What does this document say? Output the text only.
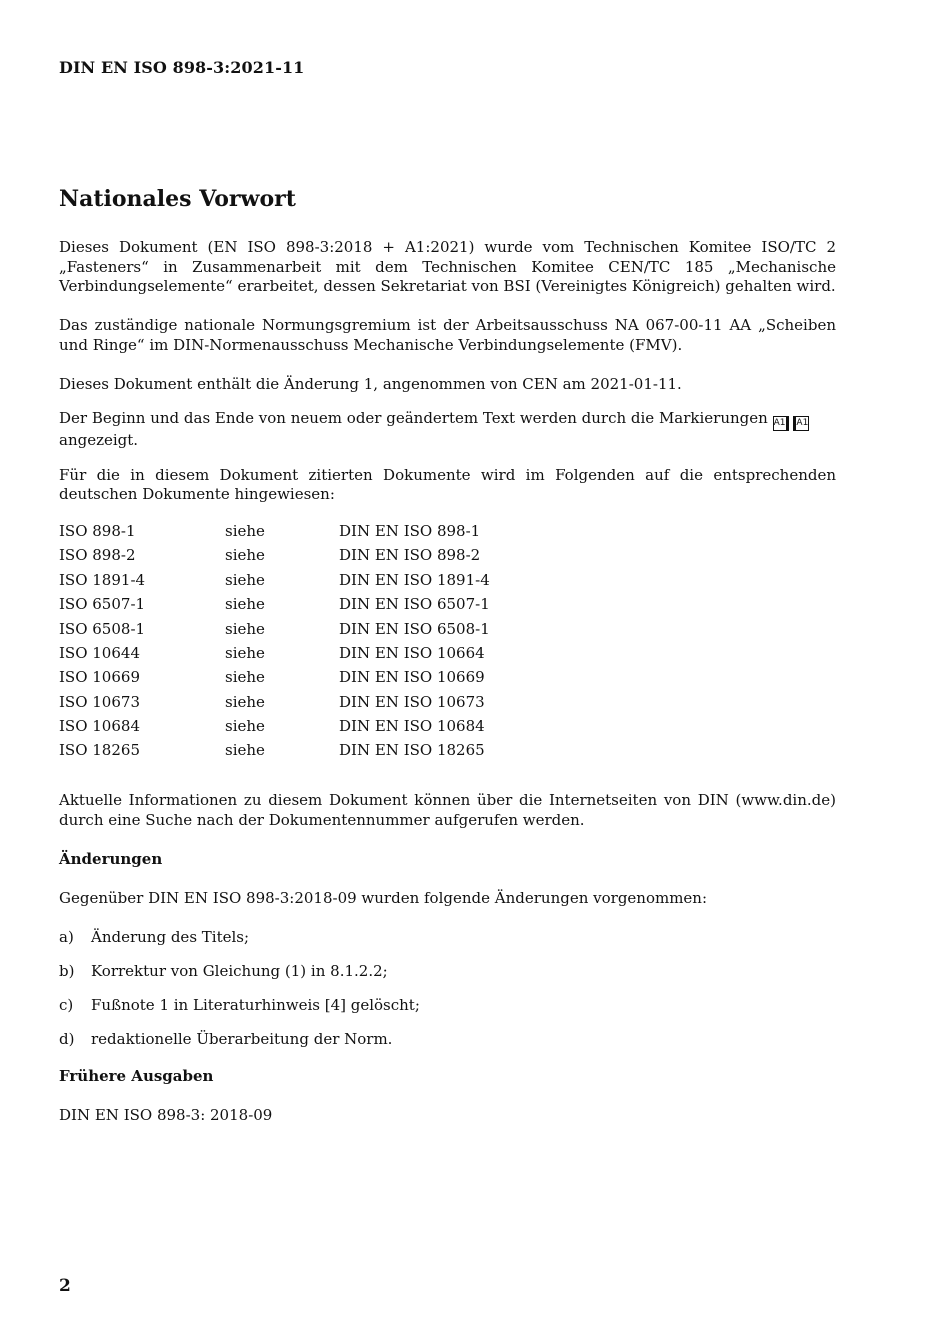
DIN EN ISO 898-3:2021-11
Nationales Vorwort

Dieses Dokument (EN ISO 898-3:2018 + A1:2021) wurde vom Technischen Komitee ISO/TC 2 „Fasteners“ in Zusammenarbeit mit dem Technischen Komitee CEN/TC 185 „Mechanische Verbindungselemente“ erarbeitet, dessen Sekretariat von BSI (Vereinigtes Königreich) gehalten wird.

Das zuständige nationale Normungsgremium ist der Arbeitsausschuss NA 067-00-11 AA „Scheiben und Ringe“ im DIN-Normenausschuss Mechanische Verbindungselemente (FMV).

Dieses Dokument enthält die Änderung 1, angenommen von CEN am 2021-01-11.

Der Beginn und das Ende von neuem oder geändertem Text werden durch die Markierungen A1 A1
angezeigt.

Für die in diesem Dokument zitierten Dokumente wird im Folgenden auf die entsprechenden deutschen Dokumente hingewiesen:

ISO 898-1	siehe	DIN EN ISO 898-1
ISO 898-2	siehe	DIN EN ISO 898-2
ISO 1891-4	siehe	DIN EN ISO 1891-4
ISO 6507-1	siehe	DIN EN ISO 6507-1
ISO 6508-1	siehe	DIN EN ISO 6508-1
ISO 10644	siehe	DIN EN ISO 10664
ISO 10669	siehe	DIN EN ISO 10669
ISO 10673	siehe	DIN EN ISO 10673
ISO 10684	siehe	DIN EN ISO 10684
ISO 18265	siehe	DIN EN ISO 18265

Aktuelle Informationen zu diesem Dokument können über die Internetseiten von DIN (www.din.de) durch eine Suche nach der Dokumentennummer aufgerufen werden.

Änderungen

Gegenüber DIN EN ISO 898-3:2018-09 wurden folgende Änderungen vorgenommen:

a)	Änderung des Titels;
b)	Korrektur von Gleichung (1) in 8.1.2.2;
c)	Fußnote 1 in Literaturhinweis [4] gelöscht;
d)	redaktionelle Überarbeitung der Norm.

Frühere Ausgaben

DIN EN ISO 898-3: 2018-09

2
